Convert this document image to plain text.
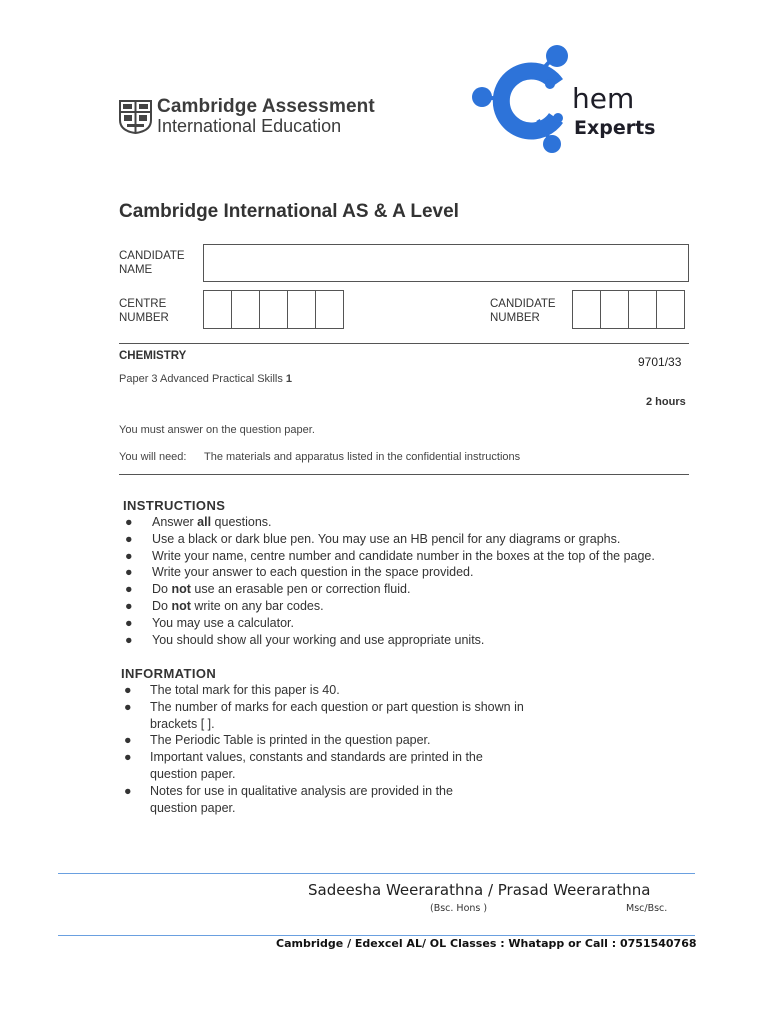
Cambridge Assessment
International Education
hem
Experts
Cambridge International AS & A Level
CANDIDATE
NAME
CENTRE
NUMBER
CANDIDATE
NUMBER
CHEMISTRY	9701/33
Paper 3 Advanced Practical Skills 1
2 hours
You must answer on the question paper.
You will need: The materials and apparatus listed in the confidential instructions
INSTRUCTIONS
● Answer all questions.
● Use a black or dark blue pen. You may use an HB pencil for any diagrams or graphs.
● Write your name, centre number and candidate number in the boxes at the top of the page.
● Write your answer to each question in the space provided.
● Do not use an erasable pen or correction fluid.
● Do not write on any bar codes.
● You may use a calculator.
● You should show all your working and use appropriate units.
INFORMATION
● The total mark for this paper is 40.
● The number of marks for each question or part question is shown in
brackets [ ].
● The Periodic Table is printed in the question paper.
● Important values, constants and standards are printed in the
question paper.
● Notes for use in qualitative analysis are provided in the
question paper.
Sadeesha Weerarathna / Prasad Weerarathna
(Bsc. Hons )	Msc/Bsc.
Cambridge / Edexcel AL/ OL Classes : Whatapp or Call : 0751540768
